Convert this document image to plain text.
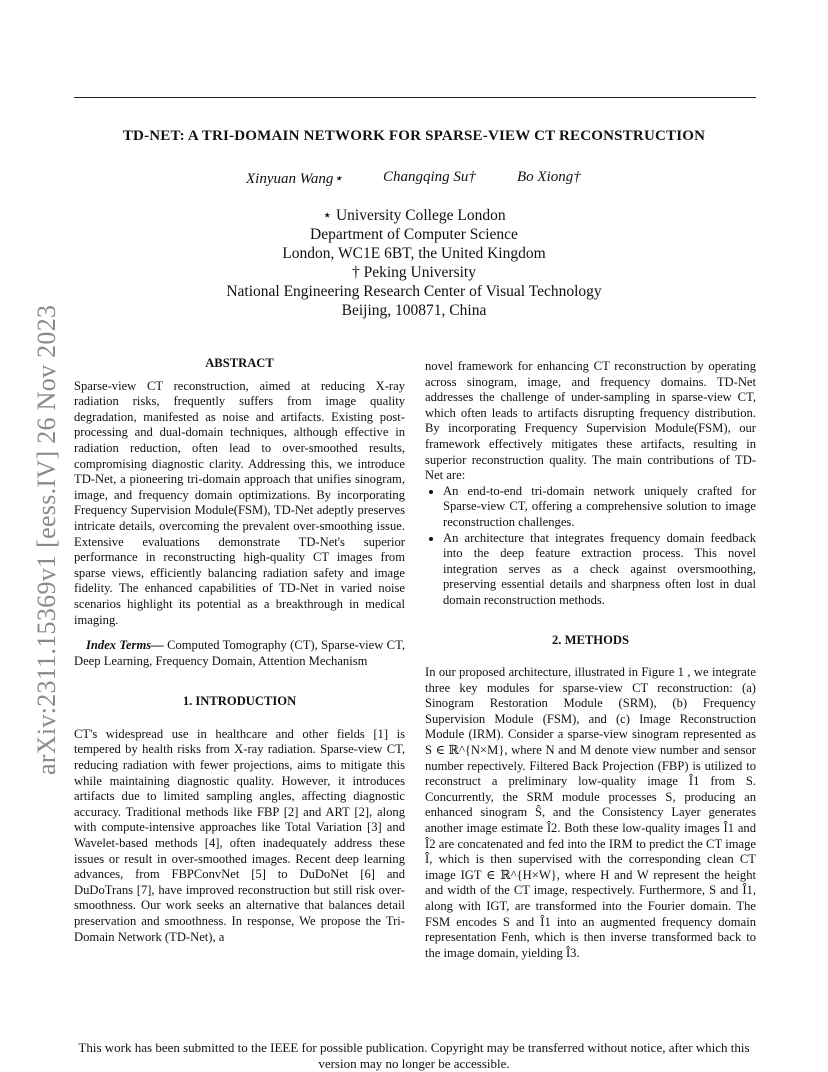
arXiv:2311.15369v1 [eess.IV] 26 Nov 2023
TD-NET: A TRI-DOMAIN NETWORK FOR SPARSE-VIEW CT RECONSTRUCTION
Xinyuan Wang⋆	Changqing Su†	Bo Xiong†
⋆ University College London
Department of Computer Science
London, WC1E 6BT, the United Kingdom
† Peking University
National Engineering Research Center of Visual Technology
Beijing, 100871, China

ABSTRACT

Sparse-view CT reconstruction, aimed at reducing X-ray radiation risks, frequently suffers from image quality degradation, manifested as noise and artifacts. Existing post-processing and dual-domain techniques, although effective in radiation reduction, often lead to over-smoothed results, compromising diagnostic clarity. Addressing this, we introduce TD-Net, a pioneering tri-domain approach that unifies sinogram, image, and frequency domain optimizations. By incorporating Frequency Supervision Module(FSM), TD-Net adeptly preserves intricate details, overcoming the prevalent over-smoothing issue. Extensive evaluations demonstrate TD-Net's superior performance in reconstructing high-quality CT images from sparse views, efficiently balancing radiation safety and image fidelity. The enhanced capabilities of TD-Net in varied noise scenarios highlight its potential as a breakthrough in medical imaging.

Index Terms— Computed Tomography (CT), Sparse-view CT, Deep Learning, Frequency Domain, Attention Mechanism

1. INTRODUCTION

CT's widespread use in healthcare and other fields [1] is tempered by health risks from X-ray radiation. Sparse-view CT, reducing radiation with fewer projections, aims to mitigate this while maintaining diagnostic quality. However, it introduces artifacts due to limited sampling angles, affecting diagnostic accuracy. Traditional methods like FBP [2] and ART [2], along with compute-intensive approaches like Total Variation [3] and Wavelet-based methods [4], often inadequately address these issues or result in over-smoothed images. Recent deep learning advances, from FBPConvNet [5] to DuDoNet [6] and DuDoTrans [7], have improved reconstruction but still risk over-smoothness. Our work seeks an alternative that balances detail preservation and smoothness. In response, We propose the Tri-Domain Network (TD-Net), a

novel framework for enhancing CT reconstruction by operating across sinogram, image, and frequency domains. TD-Net addresses the challenge of under-sampling in sparse-view CT, which often leads to artifacts disrupting frequency distribution. By incorporating Frequency Supervision Module(FSM), our framework effectively mitigates these artifacts, resulting in superior reconstruction quality. The main contributions of TD-Net are:

• An end-to-end tri-domain network uniquely crafted for Sparse-view CT, offering a comprehensive solution to image reconstruction challenges.
• An architecture that integrates frequency domain feedback into the deep feature extraction process. This novel integration serves as a check against oversmoothing, preserving essential details and sharpness often lost in dual domain reconstruction methods.

2. METHODS

In our proposed architecture, illustrated in Figure 1 , we integrate three key modules for sparse-view CT reconstruction: (a) Sinogram Restoration Module (SRM), (b) Frequency Supervision Module (FSM), and (c) Image Reconstruction Module (IRM). Consider a sparse-view sinogram represented as S ∈ ℝ^{N×M}, where N and M denote view number and sensor number repectively. Filtered Back Projection (FBP) is utilized to reconstruct a preliminary low-quality image Î1 from S. Concurrently, the SRM module processes S, producing an enhanced sinogram Ŝ, and the Consistency Layer generates another image estimate Î2. Both these low-quality images Î1 and Î2 are concatenated and fed into the IRM to predict the CT image Î, which is then supervised with the corresponding clean CT image IGT ∈ ℝ^{H×W}, where H and W represent the height and width of the CT image, respectively. Furthermore, S and Î1, along with IGT, are transformed into the Fourier domain. The FSM encodes S and Î1 into an augmented frequency domain representation Fenh, which is then inverse transformed back to the image domain, yielding Î3.

This work has been submitted to the IEEE for possible publication. Copyright may be transferred without notice, after which this version may no longer be accessible.
